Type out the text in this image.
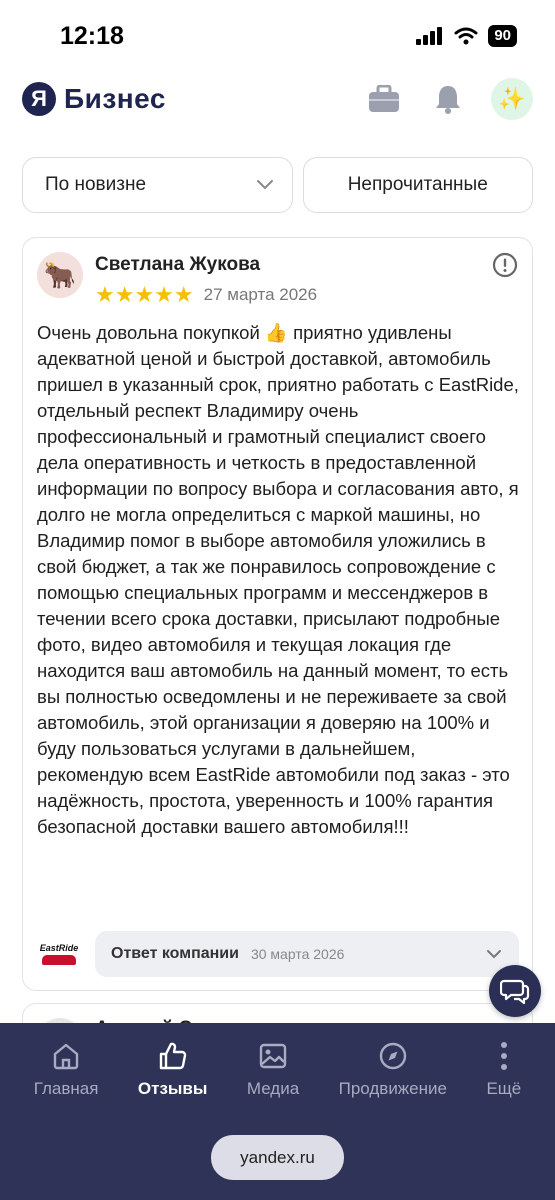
12:18	90
Я Бизнес	✨
По новизне	Непрочитанные
🐂 Светлана Жукова
★★★★★ 27 марта 2026
Очень довольна покупкой 👍 приятно удивлены адекватной ценой и быстрой доставкой, автомобиль пришел в указанный срок, приятно работать с EastRide, отдельный респект Владимиру очень профессиональный и грамотный специалист своего дела оперативность и четкость в предоставленной информации по вопросу выбора и согласования авто, я долго не могла определиться с маркой машины, но Владимир помог в выборе автомобиля уложились в свой бюджет, а так же понравилось сопровождение с помощью специальных программ и мессенджеров в течении всего срока доставки, присылают подробные фото, видео автомобиля и текущая локация где находится ваш автомобиль на данный момент, то есть вы полностью осведомлены и не переживаете за свой автомобиль, этой организации я доверяю на 100% и буду пользоваться услугами в дальнейшем, рекомендую всем EastRide автомобили под заказ - это надёжность, простота, уверенность и 100% гарантия безопасной доставки вашего автомобиля!!!
EastRide Ответ компании 30 марта 2026
Главная Отзывы Медиа Продвижение Ещё
yandex.ru
